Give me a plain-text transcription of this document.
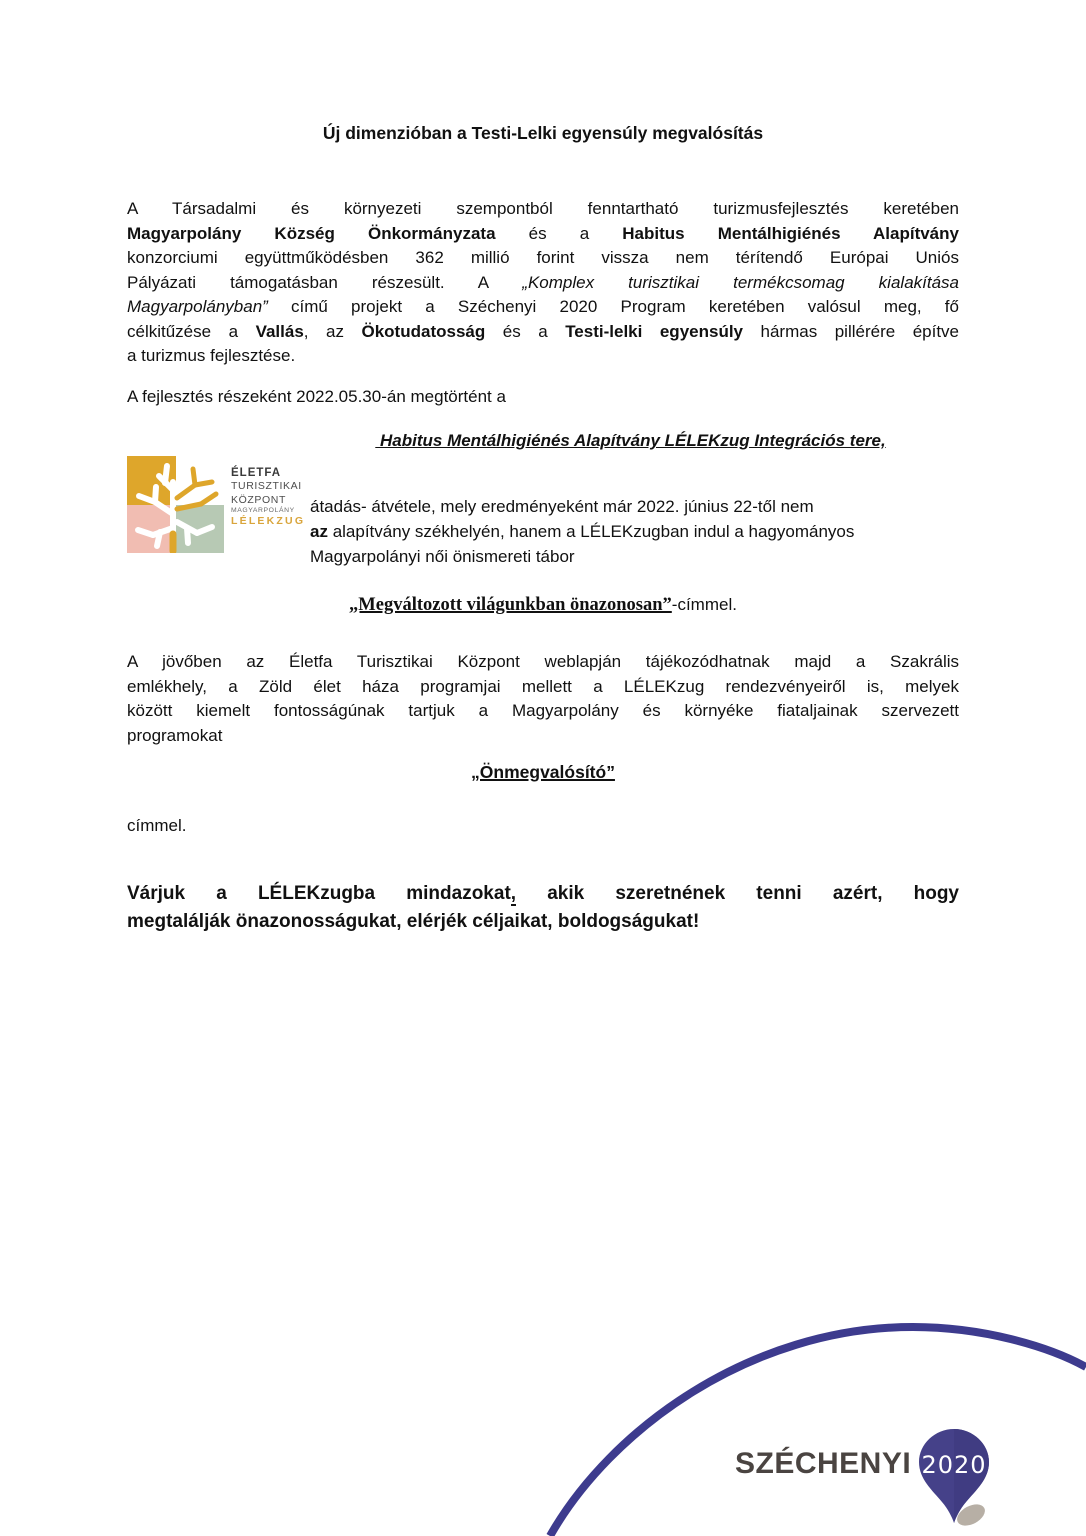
Új dimenzióban a Testi-Lelki egyensúly megvalósítás
A Társadalmi és környezeti szempontból fenntartható turizmusfejlesztés keretében
Magyarpolány Község Önkormányzata és a Habitus Mentálhigiénés Alapítvány
konzorciumi együttműködésben 362 millió forint vissza nem térítendő Európai Uniós
Pályázati támogatásban részesült. A „Komplex turisztikai termékcsomag kialakítása
Magyarpolányban” című projekt a Széchenyi 2020 Program keretében valósul meg, fő
célkitűzése a Vallás, az Ökotudatosság és a Testi-lelki egyensúly hármas pillérére építve
a turizmus fejlesztése.
A fejlesztés részeként 2022.05.30-án megtörtént a
Habitus Mentálhigiénés Alapítvány LÉLEKzug Integrációs tere,
ÉLETFA
TURISZTIKAI
KÖZPONT
MAGYARPOLÁNY
LÉLEKZUG
átadás- átvétele, mely eredményeként már 2022. június 22-től nem
az alapítvány székhelyén, hanem a LÉLEKzugban indul a hagyományos
Magyarpolányi női önismereti tábor
„Megváltozott világunkban önazonosan”-címmel.
A jövőben az Életfa Turisztikai Központ weblapján tájékozódhatnak majd a Szakrális
emlékhely, a Zöld élet háza programjai mellett a LÉLEKzug rendezvényeiről is, melyek
között kiemelt fontosságúnak tartjuk a Magyarpolány és környéke fiataljainak szervezett
programokat
„Önmegvalósító”
címmel.
Várjuk a LÉLEKzugba mindazokat, akik szeretnének tenni azért, hogy
megtalálják önazonosságukat, elérjék céljaikat, boldogságukat!
SZÉCHENYI 2020
